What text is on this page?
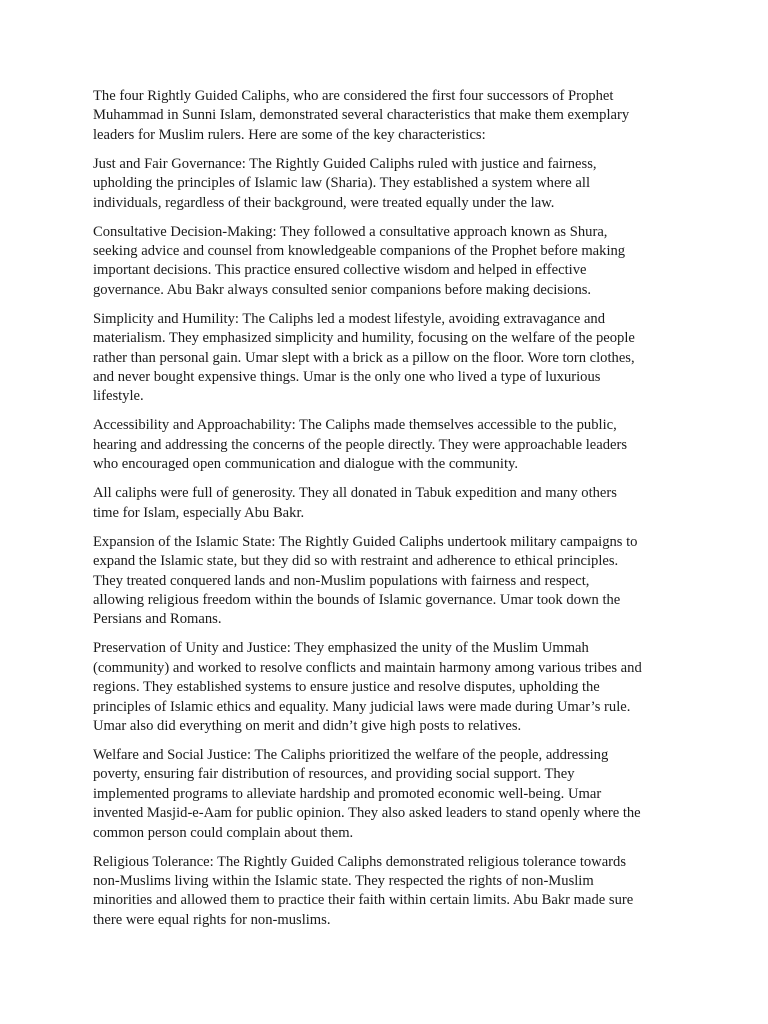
The four Rightly Guided Caliphs, who are considered the first four successors of Prophet
Muhammad in Sunni Islam, demonstrated several characteristics that make them exemplary
leaders for Muslim rulers. Here are some of the key characteristics:

Just and Fair Governance: The Rightly Guided Caliphs ruled with justice and fairness,
upholding the principles of Islamic law (Sharia). They established a system where all
individuals, regardless of their background, were treated equally under the law.

Consultative Decision-Making: They followed a consultative approach known as Shura,
seeking advice and counsel from knowledgeable companions of the Prophet before making
important decisions. This practice ensured collective wisdom and helped in effective
governance. Abu Bakr always consulted senior companions before making decisions.

Simplicity and Humility: The Caliphs led a modest lifestyle, avoiding extravagance and
materialism. They emphasized simplicity and humility, focusing on the welfare of the people
rather than personal gain. Umar slept with a brick as a pillow on the floor. Wore torn clothes,
and never bought expensive things. Umar is the only one who lived a type of luxurious
lifestyle.

Accessibility and Approachability: The Caliphs made themselves accessible to the public,
hearing and addressing the concerns of the people directly. They were approachable leaders
who encouraged open communication and dialogue with the community.

All caliphs were full of generosity. They all donated in Tabuk expedition and many others
time for Islam, especially Abu Bakr.

Expansion of the Islamic State: The Rightly Guided Caliphs undertook military campaigns to
expand the Islamic state, but they did so with restraint and adherence to ethical principles.
They treated conquered lands and non-Muslim populations with fairness and respect,
allowing religious freedom within the bounds of Islamic governance. Umar took down the
Persians and Romans.

Preservation of Unity and Justice: They emphasized the unity of the Muslim Ummah
(community) and worked to resolve conflicts and maintain harmony among various tribes and
regions. They established systems to ensure justice and resolve disputes, upholding the
principles of Islamic ethics and equality. Many judicial laws were made during Umar’s rule.
Umar also did everything on merit and didn’t give high posts to relatives.

Welfare and Social Justice: The Caliphs prioritized the welfare of the people, addressing
poverty, ensuring fair distribution of resources, and providing social support. They
implemented programs to alleviate hardship and promoted economic well-being. Umar
invented Masjid-e-Aam for public opinion. They also asked leaders to stand openly where the
common person could complain about them.

Religious Tolerance: The Rightly Guided Caliphs demonstrated religious tolerance towards
non-Muslims living within the Islamic state. They respected the rights of non-Muslim
minorities and allowed them to practice their faith within certain limits. Abu Bakr made sure
there were equal rights for non-muslims.
